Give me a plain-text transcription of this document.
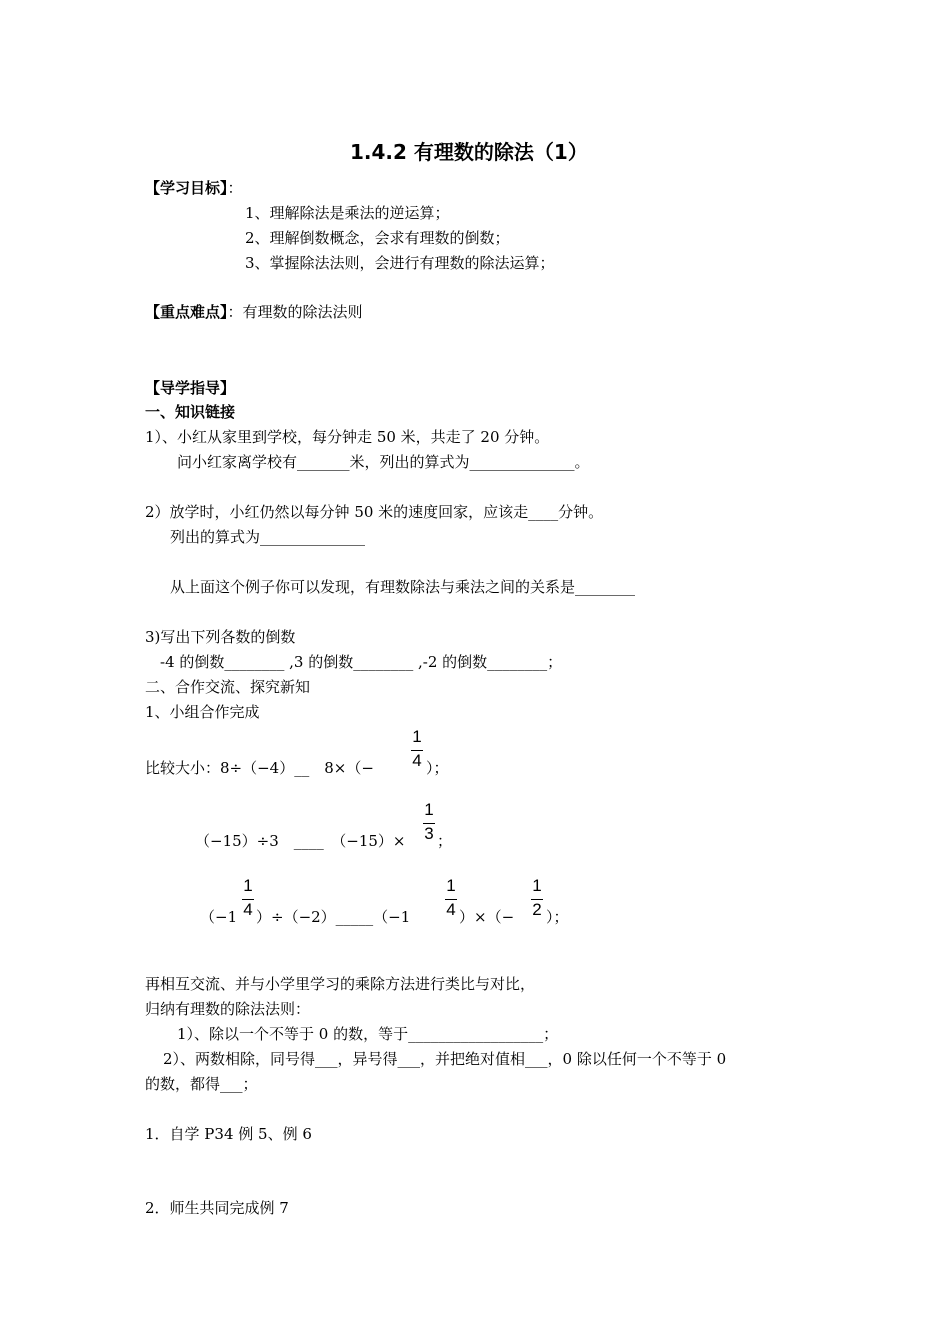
1.4.2 有理数的除法（1）
【学习目标】：
1、理解除法是乘法的逆运算；
2、理解倒数概念，会求有理数的倒数；
3、掌握除法法则，会进行有理数的除法运算；
【重点难点】：有理数的除法法则
【导学指导】
一、知识链接
1）、小红从家里到学校，每分钟走 50 米，共走了 20 分钟。
问小红家离学校有_______米，列出的算式为______________。
2）放学时，小红仍然以每分钟 50 米的速度回家，应该走____分钟。
列出的算式为______________
从上面这个例子你可以发现，有理数除法与乘法之间的关系是________
3)写出下列各数的倒数
-4 的倒数________ ,3 的倒数________ ,-2 的倒数________；
二、合作交流、探究新知
1、小组合作完成
比较大小：8÷（−4）__　8×（−
1
4 ）；
（−15）÷3　____　（−15）×
1
3 ；
（−1
1
4 ）÷（−2）_____（−1
1
4 ）×（−
1
2 ）；
再相互交流、并与小学里学习的乘除方法进行类比与对比，
归纳有理数的除法法则：
1）、除以一个不等于 0 的数，等于__________________；
2）、两数相除，同号得___，异号得___，并把绝对值相___，0 除以任何一个不等于 0
的数，都得___；
1．自学 P34 例 5、例 6
2．师生共同完成例 7
